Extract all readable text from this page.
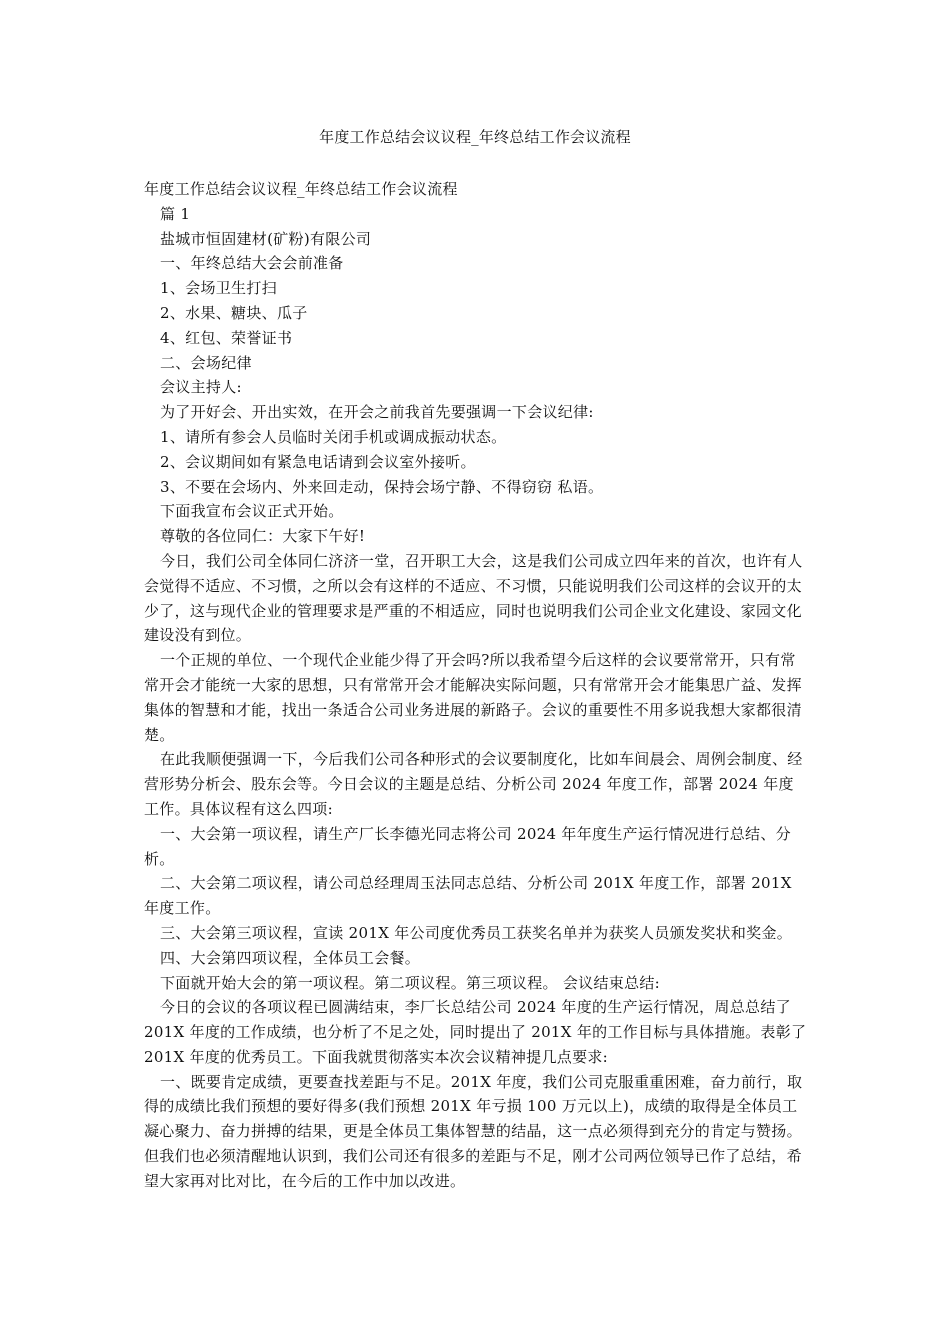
年度工作总结会议议程_年终总结工作会议流程

年度工作总结会议议程_年终总结工作会议流程

篇 1

盐城市恒固建材(矿粉)有限公司

一、年终总结大会会前准备

1、会场卫生打扫

2、水果、糖块、瓜子

4、红包、荣誉证书

二、会场纪律

会议主持人:

为了开好会、开出实效，在开会之前我首先要强调一下会议纪律:

1、请所有参会人员临时关闭手机或调成振动状态。

2、会议期间如有紧急电话请到会议室外接听。

3、不要在会场内、外来回走动，保持会场宁静、不得窃窃 私语。

下面我宣布会议正式开始。

尊敬的各位同仁：大家下午好!

今日，我们公司全体同仁济济一堂，召开职工大会，这是我们公司成立四年来的首次，也许有人会觉得不适应、不习惯，之所以会有这样的不适应、不习惯，只能说明我们公司这样的会议开的太少了，这与现代企业的管理要求是严重的不相适应，同时也说明我们公司企业文化建设、家园文化建设没有到位。

一个正规的单位、一个现代企业能少得了开会吗?所以我希望今后这样的会议要常常开，只有常常开会才能统一大家的思想，只有常常开会才能解决实际问题，只有常常开会才能集思广益、发挥集体的智慧和才能，找出一条适合公司业务进展的新路子。会议的重要性不用多说我想大家都很清楚。

在此我顺便强调一下，今后我们公司各种形式的会议要制度化，比如车间晨会、周例会制度、经营形势分析会、股东会等。今日会议的主题是总结、分析公司 2024 年度工作，部署 2024 年度工作。具体议程有这么四项:

一、大会第一项议程，请生产厂长李德光同志将公司 2024 年年度生产运行情况进行总结、分析。

二、大会第二项议程，请公司总经理周玉法同志总结、分析公司 201X 年度工作，部署 201X 年度工作。

三、大会第三项议程，宣读 201X 年公司度优秀员工获奖名单并为获奖人员颁发奖状和奖金。

四、大会第四项议程，全体员工会餐。

下面就开始大会的第一项议程。第二项议程。第三项议程。 会议结束总结:

今日的会议的各项议程已圆满结束，李厂长总结公司 2024 年度的生产运行情况，周总总结了 201X 年度的工作成绩，也分析了不足之处，同时提出了 201X 年的工作目标与具体措施。表彰了 201X 年度的优秀员工。下面我就贯彻落实本次会议精神提几点要求:

一、既要肯定成绩，更要查找差距与不足。201X 年度，我们公司克服重重困难，奋力前行，取得的成绩比我们预想的要好得多(我们预想 201X 年亏损 100 万元以上)，成绩的取得是全体员工凝心聚力、奋力拼搏的结果，更是全体员工集体智慧的结晶，这一点必须得到充分的肯定与赞扬。但我们也必须清醒地认识到，我们公司还有很多的差距与不足，刚才公司两位领导已作了总结，希望大家再对比对比，在今后的工作中加以改进。
